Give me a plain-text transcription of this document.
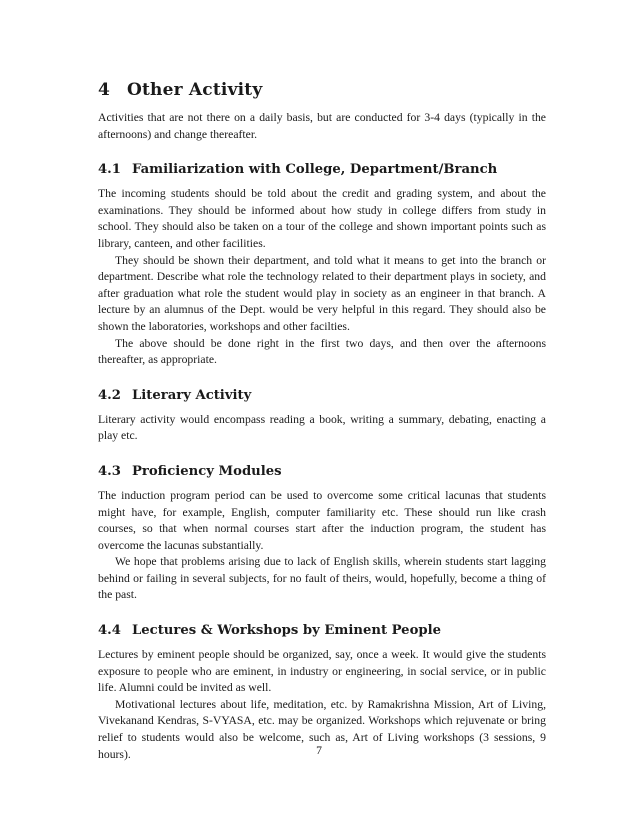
4 Other Activity

Activities that are not there on a daily basis, but are conducted for 3-4 days (typically in the afternoons) and change thereafter.

4.1 Familiarization with College, Department/Branch

The incoming students should be told about the credit and grading system, and about the examinations. They should be informed about how study in college differs from study in school. They should also be taken on a tour of the college and shown important points such as library, canteen, and other facilities.

They should be shown their department, and told what it means to get into the branch or department. Describe what role the technology related to their department plays in society, and after graduation what role the student would play in society as an engineer in that branch. A lecture by an alumnus of the Dept. would be very helpful in this regard. They should also be shown the laboratories, workshops and other facilties.

The above should be done right in the first two days, and then over the afternoons thereafter, as appropriate.

4.2 Literary Activity

Literary activity would encompass reading a book, writing a summary, debating, enacting a play etc.

4.3 Proficiency Modules

The induction program period can be used to overcome some critical lacunas that students might have, for example, English, computer familiarity etc. These should run like crash courses, so that when normal courses start after the induction program, the student has overcome the lacunas substantially.

We hope that problems arising due to lack of English skills, wherein students start lagging behind or failing in several subjects, for no fault of theirs, would, hopefully, become a thing of the past.

4.4 Lectures & Workshops by Eminent People

Lectures by eminent people should be organized, say, once a week. It would give the students exposure to people who are eminent, in industry or engineering, in social service, or in public life. Alumni could be invited as well.

Motivational lectures about life, meditation, etc. by Ramakrishna Mission, Art of Living, Vivekanand Kendras, S-VYASA, etc. may be organized. Workshops which rejuvenate or bring relief to students would also be welcome, such as, Art of Living workshops (3 sessions, 9 hours).	7
